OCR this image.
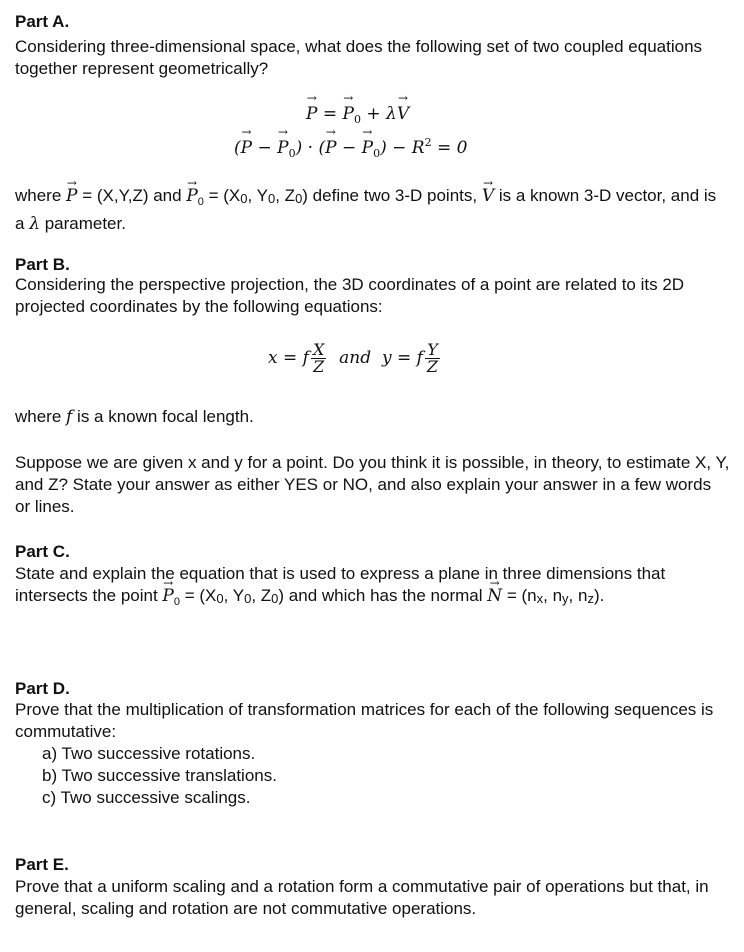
Part A.

Considering three-dimensional space, what does the following set of two coupled equations together represent geometrically?

→ P = → $P_0 + \lambda\to V$
(→ P − → $P_0$) · (→ P − → $P_0) - R^2 = 0$

where → P = (X,Y,Z) and → $P_0 = (X0$, Y0, Z0) define two 3-D points, → V is a known 3-D vector, and is a λ parameter.

Part B.

Considering the perspective projection, the 3D coordinates of a point are related to its 2D projected coordinates by the following equations:

x = f $\frac{X}{Z}$ and y = f $\frac{Y}{Z}$

where f is a known focal length.

Suppose we are given x and y for a point. Do you think it is possible, in theory, to estimate X, Y, and Z? State your answer as either YES or NO, and also explain your answer in a few words or lines.

Part C.

State and explain the equation that is used to express a plane in three dimensions that intersects the point → $P_0 = (X0$, Y0, Z0) and which has the normal → N = (nx, ny, nz).

Part D.

Prove that the multiplication of transformation matrices for each of the following sequences is commutative:

a) Two successive rotations.
b) Two successive translations.
c) Two successive scalings.
Part E.

Prove that a uniform scaling and a rotation form a commutative pair of operations but that, in general, scaling and rotation are not commutative operations.
